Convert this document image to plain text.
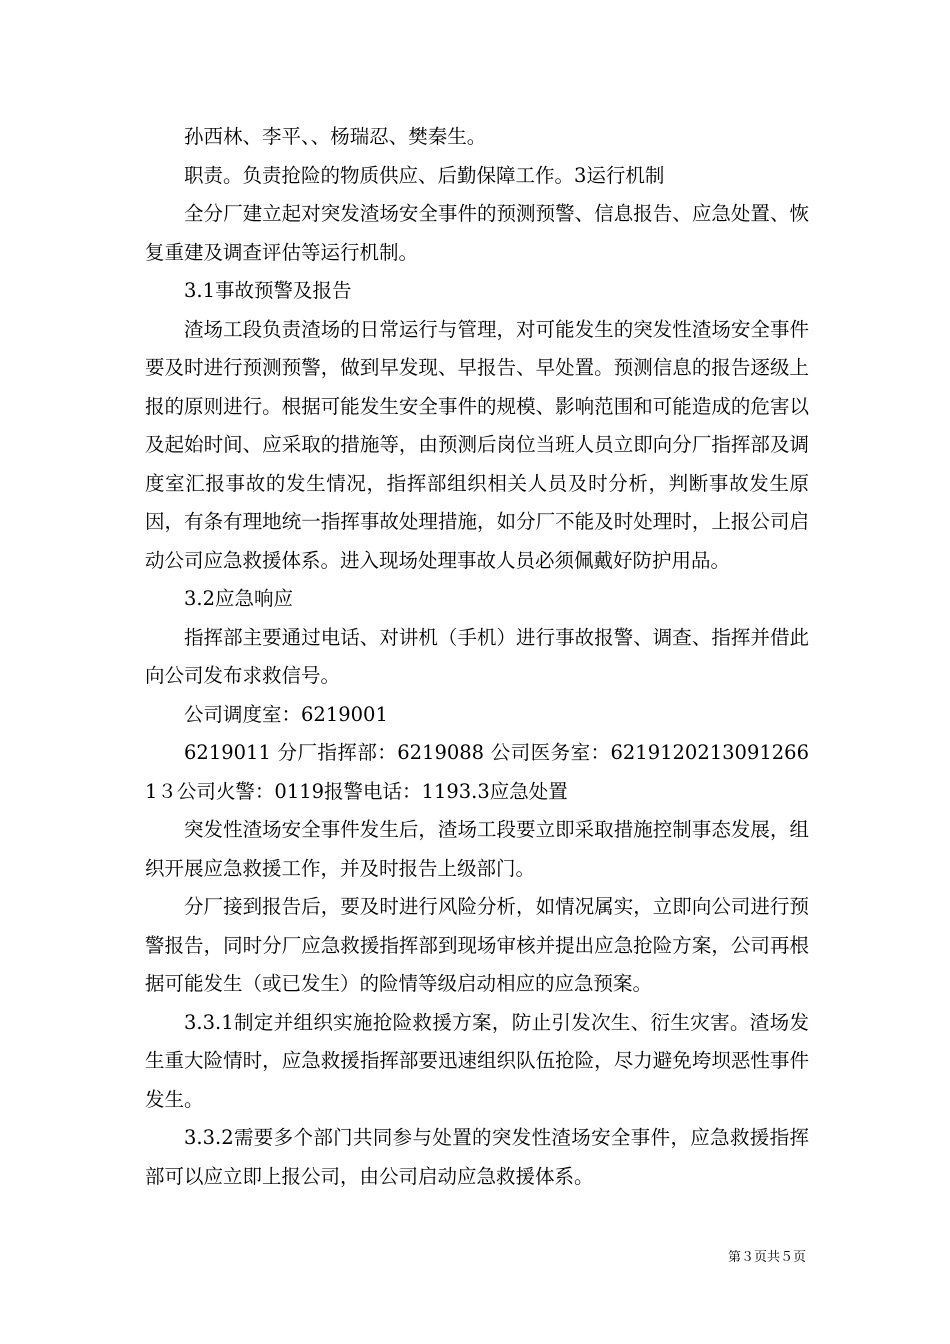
孙西林、李平、、杨瑞忍、樊秦生。

职责。负责抢险的物质供应、后勤保障工作。3运行机制

全分厂建立起对突发渣场安全事件的预测预警、信息报告、应急处置、恢复重建及调查评估等运行机制。

3.1事故预警及报告

渣场工段负责渣场的日常运行与管理，对可能发生的突发性渣场安全事件要及时进行预测预警，做到早发现、早报告、早处置。预测信息的报告逐级上报的原则进行。根据可能发生安全事件的规模、影响范围和可能造成的危害以及起始时间、应采取的措施等，由预测后岗位当班人员立即向分厂指挥部及调度室汇报事故的发生情况，指挥部组织相关人员及时分析，判断事故发生原因，有条有理地统一指挥事故处理措施，如分厂不能及时处理时，上报公司启动公司应急救援体系。进入现场处理事故人员必须佩戴好防护用品。

3.2应急响应

指挥部主要通过电话、对讲机（手机）进行事故报警、调查、指挥并借此向公司发布求救信号。

公司调度室：6219001

6219011 分厂指挥部：6219088 公司医务室：62191202130912661３公司火警：0119报警电话：1193.3应急处置

突发性渣场安全事件发生后，渣场工段要立即采取措施控制事态发展，组织开展应急救援工作，并及时报告上级部门。

分厂接到报告后，要及时进行风险分析，如情况属实，立即向公司进行预警报告，同时分厂应急救援指挥部到现场审核并提出应急抢险方案，公司再根据可能发生（或已发生）的险情等级启动相应的应急预案。

3.3.1制定并组织实施抢险救援方案，防止引发次生、衍生灾害。渣场发生重大险情时，应急救援指挥部要迅速组织队伍抢险，尽力避免垮坝恶性事件发生。

3.3.2需要多个部门共同参与处置的突发性渣场安全事件，应急救援指挥部可以应立即上报公司，由公司启动应急救援体系。

第３页共５页
